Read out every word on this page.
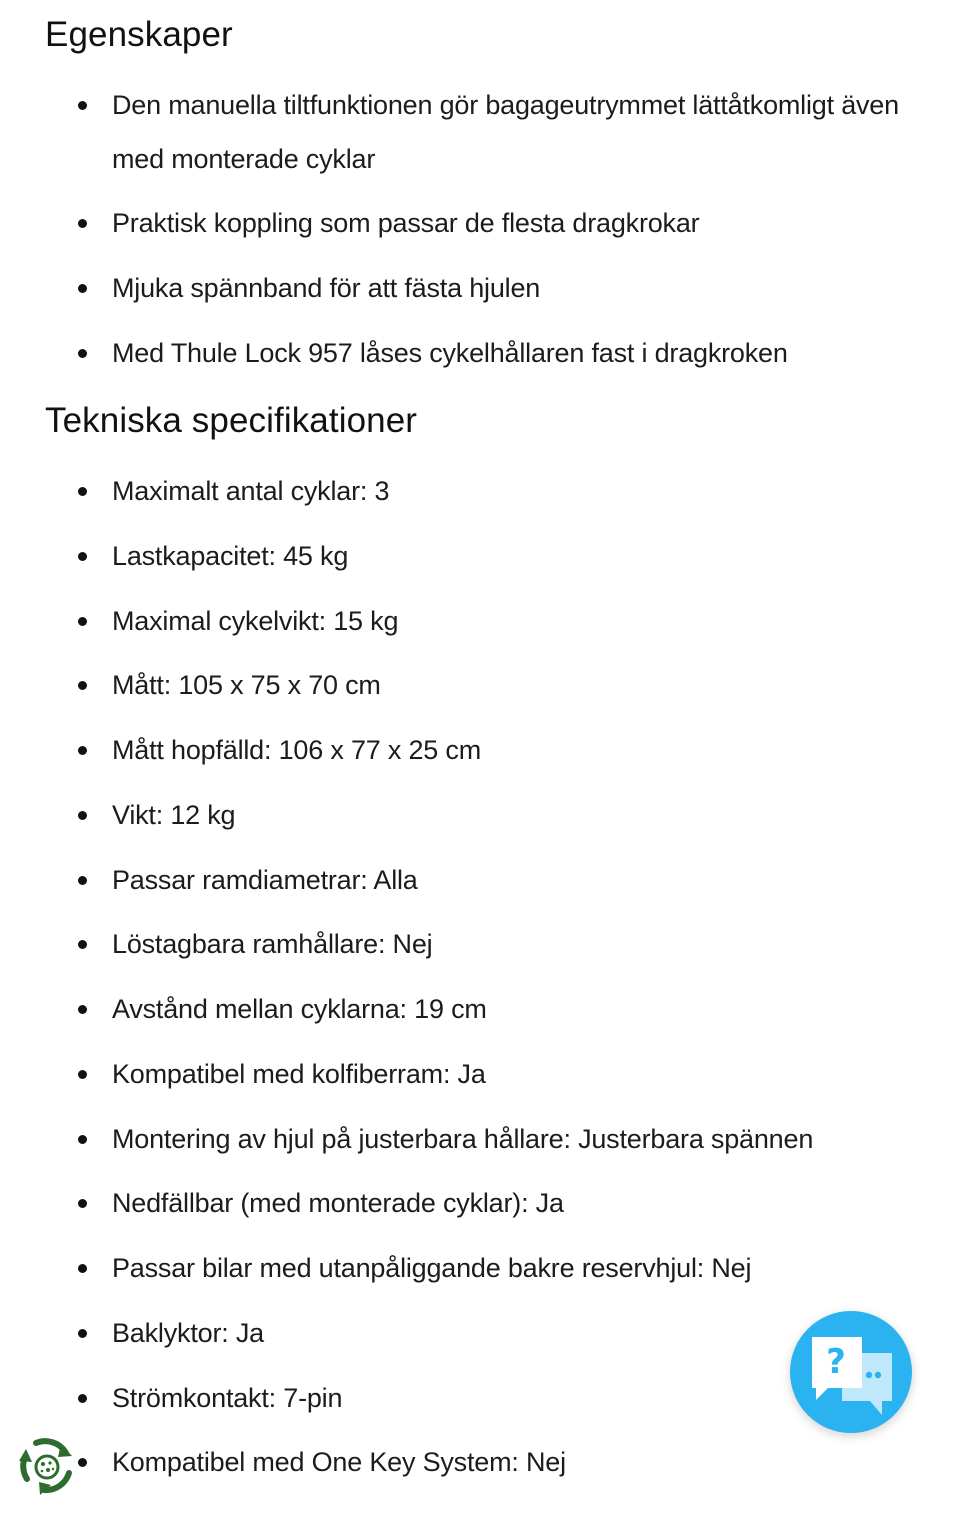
Egenskaper
Den manuella tiltfunktionen gör bagageutrymmet lättåtkomligt även med monterade cyklar
Praktisk koppling som passar de flesta dragkrokar
Mjuka spännband för att fästa hjulen
Med Thule Lock 957 låses cykelhållaren fast i dragkroken
Tekniska specifikationer
Maximalt antal cyklar: 3
Lastkapacitet: 45 kg
Maximal cykelvikt: 15 kg
Mått: 105 x 75 x 70 cm
Mått hopfälld: 106 x 77 x 25 cm
Vikt: 12 kg
Passar ramdiametrar: Alla
Löstagbara ramhållare: Nej
Avstånd mellan cyklarna: 19 cm
Kompatibel med kolfiberram: Ja
Montering av hjul på justerbara hållare: Justerbara spännen
Nedfällbar (med monterade cyklar): Ja
Passar bilar med utanpåliggande bakre reservhjul: Nej
Baklyktor: Ja
Strömkontakt: 7-pin
Kompatibel med One Key System: Nej
?
